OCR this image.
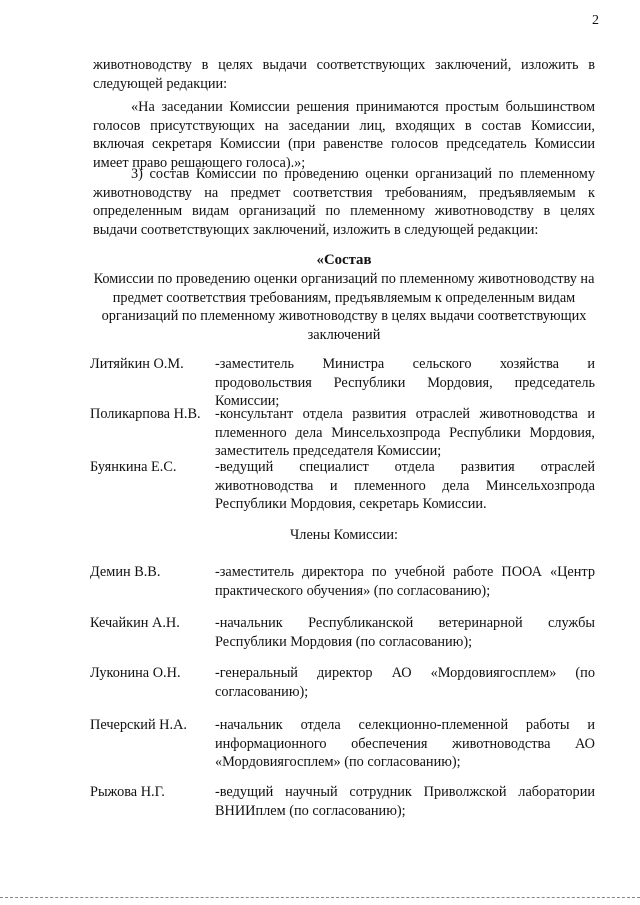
2
животноводству в целях выдачи соответствующих заключений, изложить в следующей редакции:
«На заседании Комиссии решения принимаются простым большинством голосов присутствующих на заседании лиц, входящих в состав Комиссии, включая секретаря Комиссии (при равенстве голосов председатель Комиссии имеет право решающего голоса).»;
3) состав Комиссии по проведению оценки организаций по племенному животноводству на предмет соответствия требованиям, предъявляемым к определенным видам организаций по племенному животноводству в целях выдачи соответствующих заключений, изложить в следующей редакции:
«Состав
Комиссии по проведению оценки организаций по племенному животноводству на предмет соответствия требованиям, предъявляемым к определенным видам организаций по племенному животноводству в целях выдачи соответствующих заключений
Литяйкин О.М. -заместитель Министра сельского хозяйства и продовольствия Республики Мордовия, председатель Комиссии;
Поликарпова Н.В. -консультант отдела развития отраслей животноводства и племенного дела Минсельхозпрода Республики Мордовия, заместитель председателя Комиссии;
Буянкина Е.С.	-ведущий специалист отдела развития отраслей животноводства и племенного дела Минсельхозпрода Республики Мордовия, секретарь Комиссии.
Члены Комиссии:
Демин В.В.	-заместитель директора по учебной работе ПООА «Центр практического обучения» (по согласованию);
Кечайкин А.Н. -начальник Республиканской ветеринарной службы Республики Мордовия (по согласованию);
Луконина О.Н. -генеральный директор АО «Мордовиягосплем» (по согласованию);
Печерский Н.А. -начальник отдела селекционно-племенной работы и информационного обеспечения животноводства АО «Мордовиягосплем» (по согласованию);
Рыжова Н.Г.	-ведущий научный сотрудник Приволжской лаборатории ВНИИплем (по согласованию);
